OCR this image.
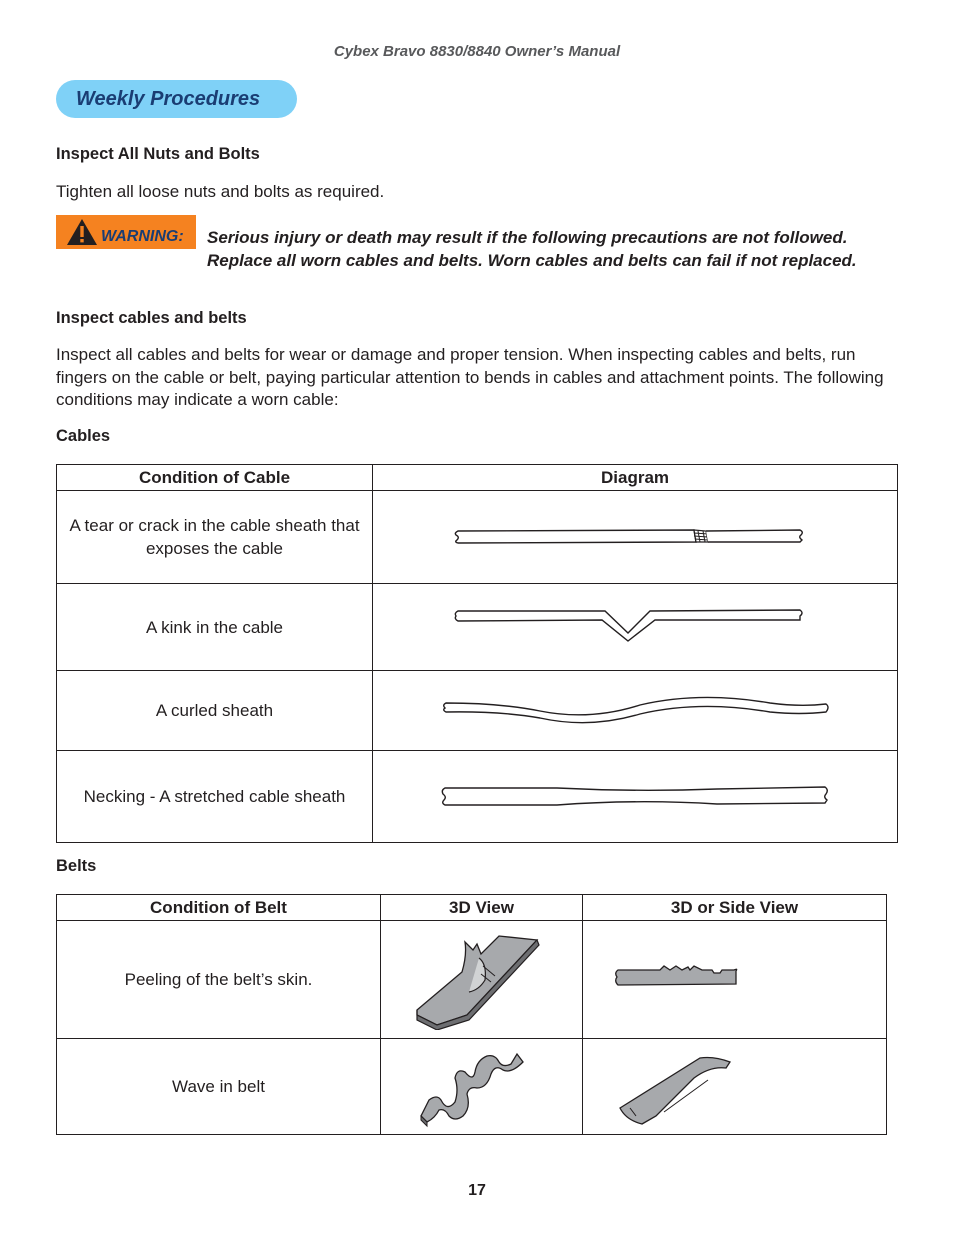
Cybex Bravo 8830/8840 Owner’s Manual
Weekly Procedures
Inspect All Nuts and Bolts
Tighten all loose nuts and bolts as required.
WARNING: Serious injury or death may result if the following precautions are not followed. Replace all worn cables and belts. Worn cables and belts can fail if not replaced.
Inspect cables and belts
Inspect all cables and belts for wear or damage and proper tension. When inspecting cables and belts, run fingers on the cable or belt, paying particular attention to bends in cables and attachment points. The following conditions may indicate a worn cable:
Cables
Condition of Cable	Diagram

A tear or crack in the cable sheath that exposes the cable

A kink in the cable

A curled sheath

Necking - A stretched cable sheath

Belts
Condition of Belt	3D View	3D or Side View

Peeling of the belt’s skin.

Wave in belt

17
